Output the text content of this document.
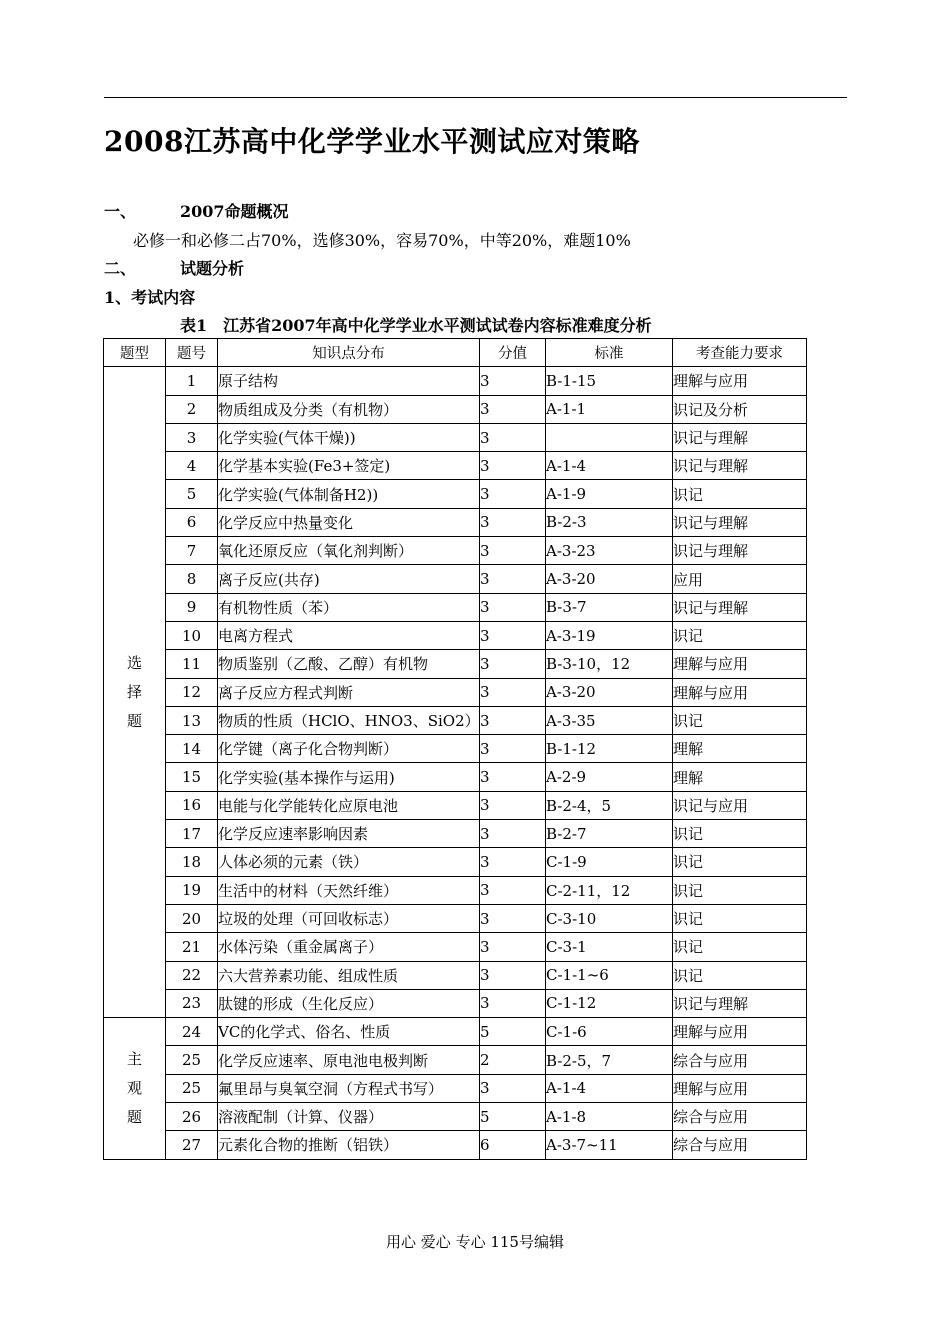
2008江苏高中化学学业水平测试应对策略
一、	2007命题概况
必修一和必修二占70%，选修30%，容易70%，中等20%，难题10%
二、	试题分析
1、考试内容
表1　江苏省2007年高中化学学业水平测试试卷内容标准难度分析
题型	题号	知识点分布	分值	标准	考查能力要求

选
择
题	1	原子结构	3	B-1-15	理解与应用
	2	物质组成及分类（有机物）	3	A-1-1	识记及分析
	3	化学实验(气体干燥))	3		识记与理解
	4	化学基本实验(Fe3+签定)	3	A-1-4	识记与理解
	5	化学实验(气体制备H2))	3	A-1-9	识记
	6	化学反应中热量变化	3	B-2-3	识记与理解
	7	氧化还原反应（氧化剂判断）	3	A-3-23	识记与理解
	8	离子反应(共存)	3	A-3-20	应用
	9	有机物性质（苯）	3	B-3-7	识记与理解
	10	电离方程式	3	A-3-19	识记
	11	物质鉴别（乙酸、乙醇）有机物	3	B-3-10，12	理解与应用
	12	离子反应方程式判断	3	A-3-20	理解与应用
	13	物质的性质（HClO、HNO3、SiO2）	3	A-3-35	识记
	14	化学键（离子化合物判断）	3	B-1-12	理解
	15	化学实验(基本操作与运用)	3	A-2-9	理解
	16	电能与化学能转化应原电池	3	B-2-4，5	识记与应用
	17	化学反应速率影响因素	3	B-2-7	识记
	18	人体必须的元素（铁）	3	C-1-9	识记
	19	生活中的材料（天然纤维）	3	C-2-11，12	识记
	20	垃圾的处理（可回收标志）	3	C-3-10	识记
	21	水体污染（重金属离子）	3	C-3-1	识记
	22	六大营养素功能、组成性质	3	C-1-1~6	识记
	23	肽键的形成（生化反应）	3	C-1-12	识记与理解

主
观
题	24	VC的化学式、俗名、性质	5	C-1-6	理解与应用
	25	化学反应速率、原电池电极判断	2	B-2-5，7	综合与应用
	25	氟里昂与臭氧空洞（方程式书写）	3	A-1-4	理解与应用
	26	溶液配制（计算、仪器）	5	A-1-8	综合与应用
	27	元素化合物的推断（铝铁）	6	A-3-7~11	综合与应用
用心 爱心 专心 115号编辑
